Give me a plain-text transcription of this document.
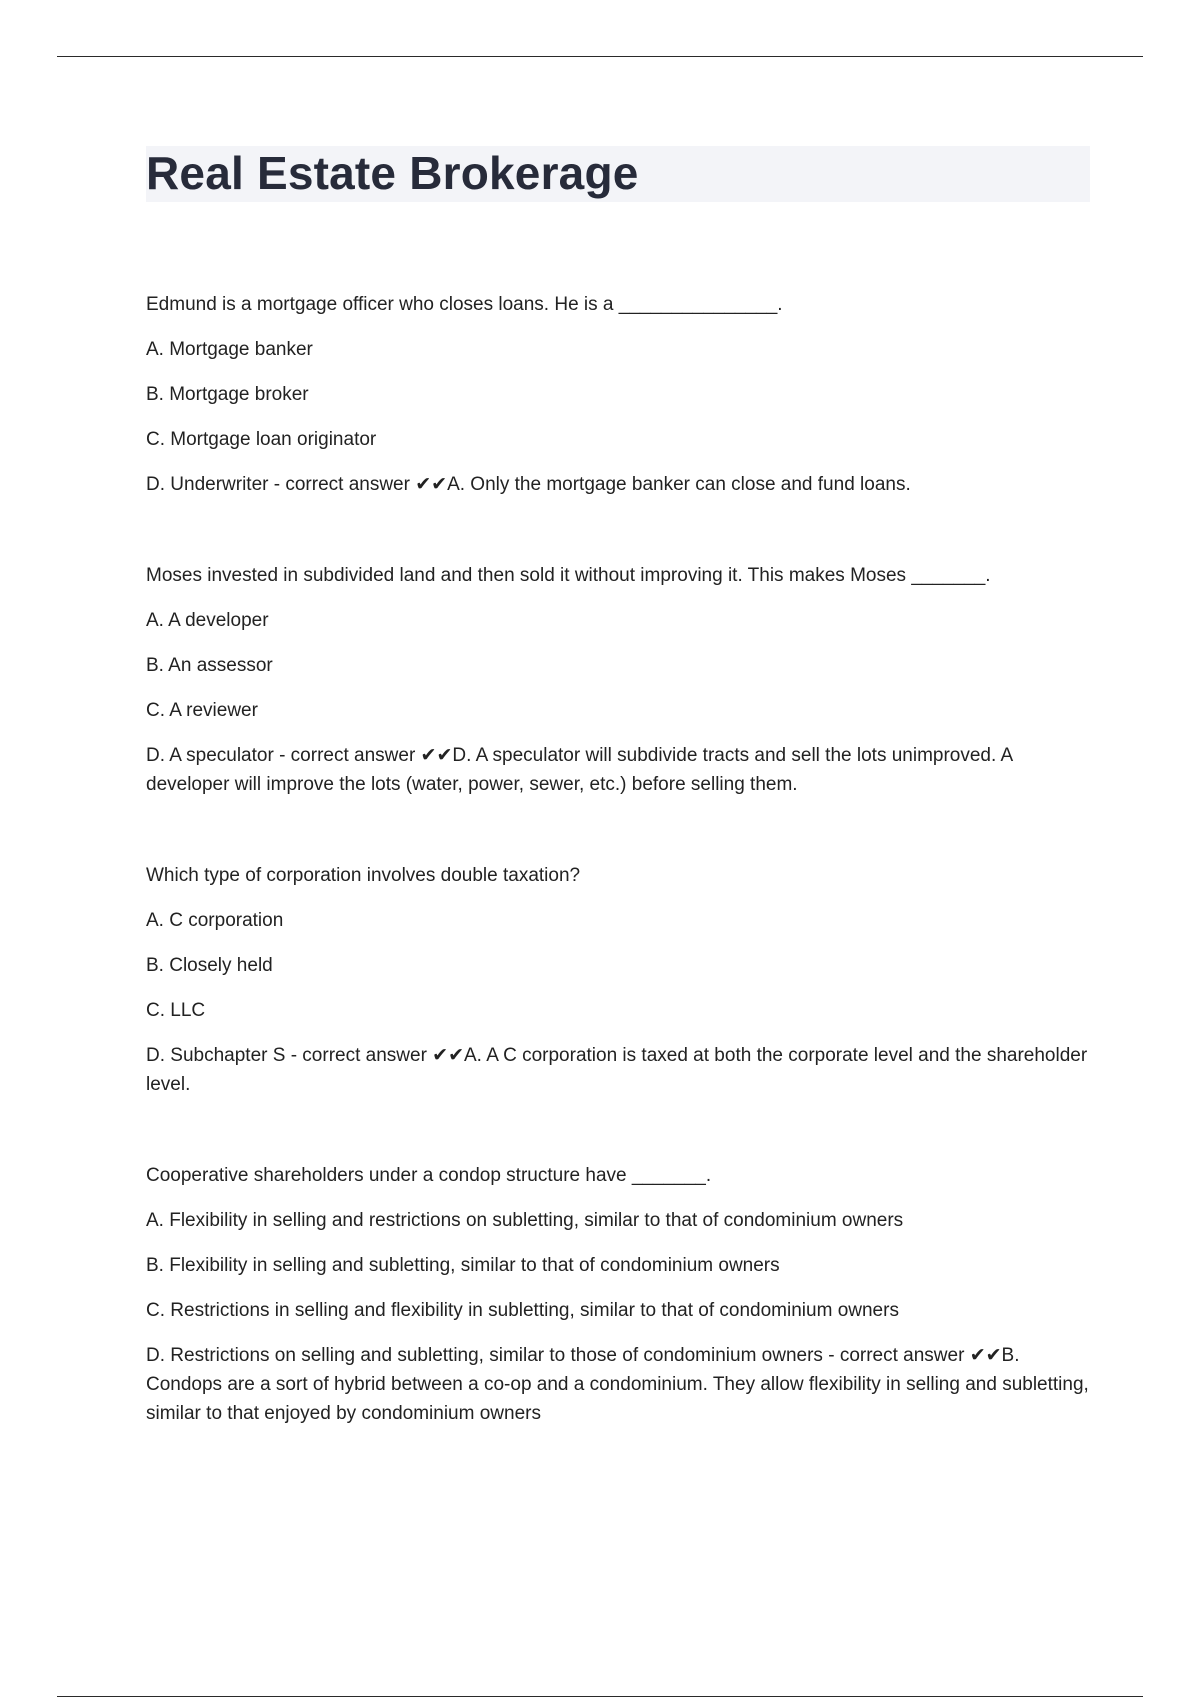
Real Estate Brokerage

Edmund is a mortgage officer who closes loans. He is a _______________.

A. Mortgage banker

B. Mortgage broker

C. Mortgage loan originator

D. Underwriter - correct answer ✔✔A. Only the mortgage banker can close and fund loans.

Moses invested in subdivided land and then sold it without improving it. This makes Moses _______.

A. A developer

B. An assessor

C. A reviewer

D. A speculator - correct answer ✔✔D. A speculator will subdivide tracts and sell the lots unimproved. A developer will improve the lots (water, power, sewer, etc.) before selling them.

Which type of corporation involves double taxation?

A. C corporation

B. Closely held

C. LLC

D. Subchapter S - correct answer ✔✔A. A C corporation is taxed at both the corporate level and the shareholder level.

Cooperative shareholders under a condop structure have _______.

A. Flexibility in selling and restrictions on subletting, similar to that of condominium owners

B. Flexibility in selling and subletting, similar to that of condominium owners

C. Restrictions in selling and flexibility in subletting, similar to that of condominium owners

D. Restrictions on selling and subletting, similar to those of condominium owners - correct answer ✔✔B. Condops are a sort of hybrid between a co-op and a condominium. They allow flexibility in selling and subletting, similar to that enjoyed by condominium owners
